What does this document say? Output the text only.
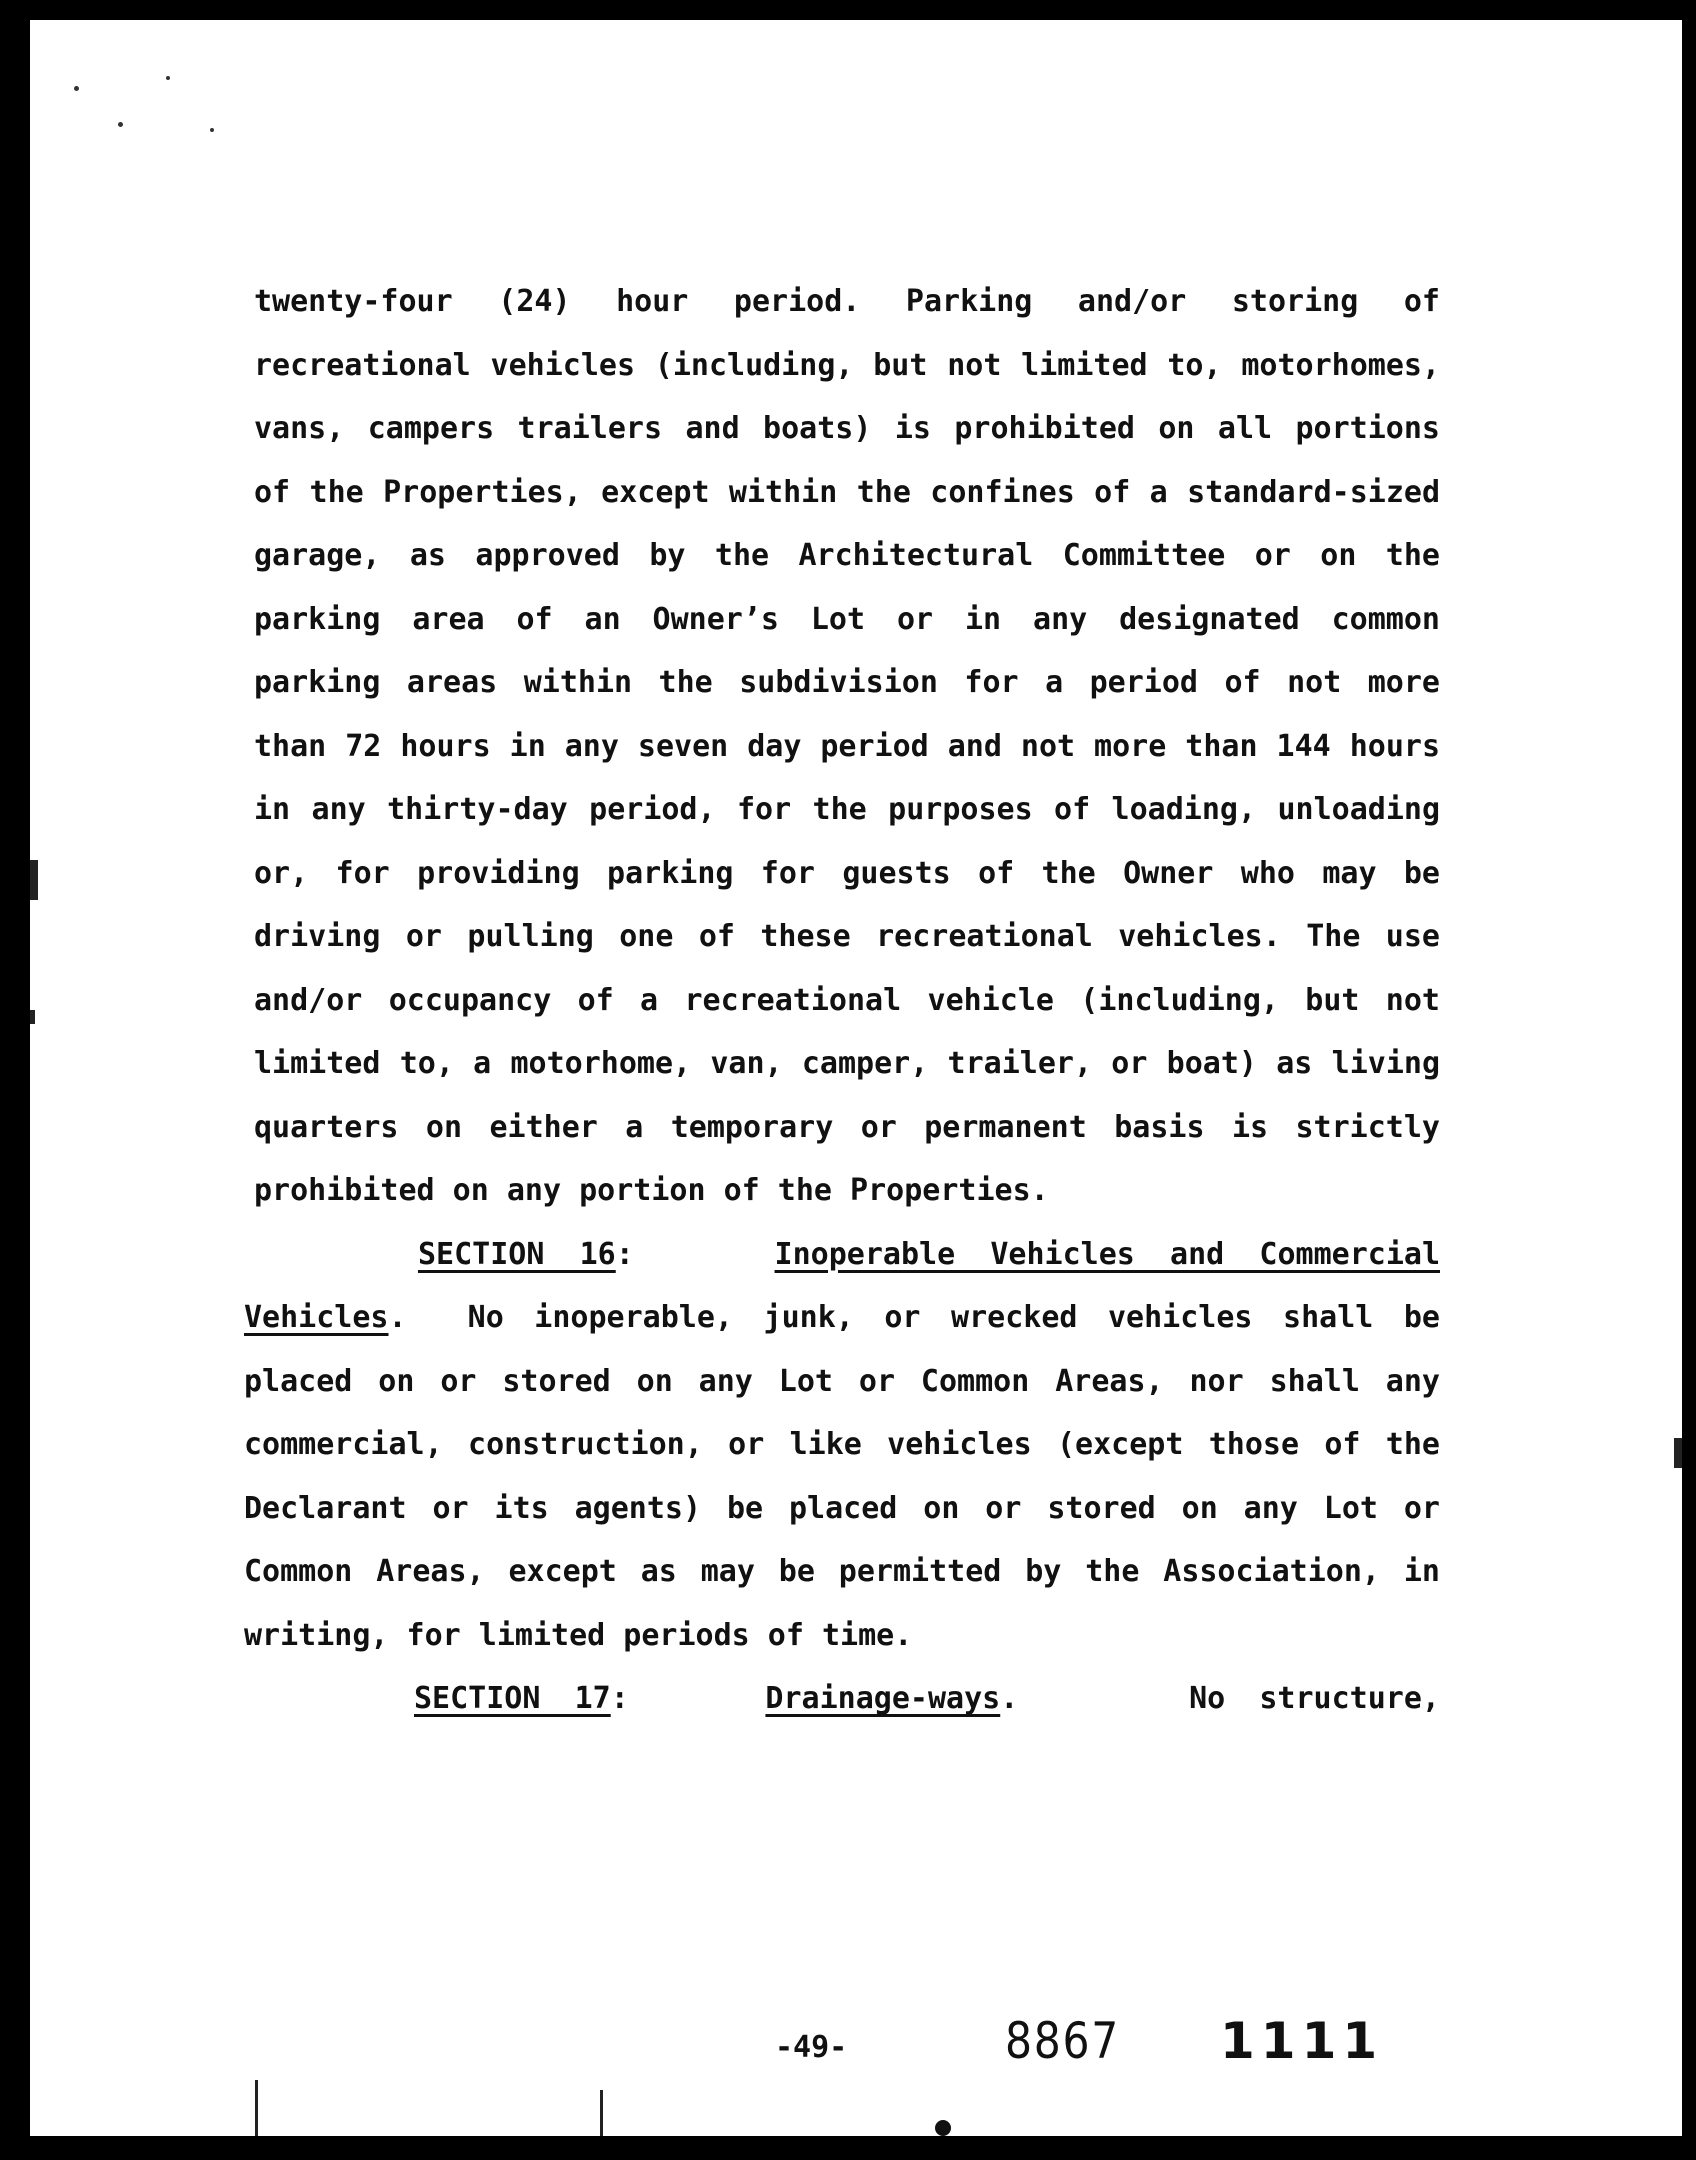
twenty-four (24) hour period. Parking and/or storing of recreational vehicles (including, but not limited to, motorhomes, vans, campers trailers and boats) is prohibited on all portions of the Properties, except within the confines of a standard-sized garage, as approved by the Architectural Committee or on the parking area of an Owner’s Lot or in any designated common parking areas within the subdivision for a period of not more than 72 hours in any seven day period and not more than 144 hours in any thirty-day period, for the purposes of loading, unloading or, for providing parking for guests of the Owner who may be driving or pulling one of these recreational vehicles. The use and/or occupancy of a recreational vehicle (including, but not limited to, a motorhome, van, camper, trailer, or boat) as living quarters on either a temporary or permanent basis is strictly prohibited on any portion of the Properties.

SECTION 16:    Inoperable Vehicles and Commercial Vehicles.  No inoperable, junk, or wrecked vehicles shall be placed on or stored on any Lot or Common Areas, nor shall any commercial, construction, or like vehicles (except those of the Declarant or its agents) be placed on or stored on any Lot or Common Areas, except as may be permitted by the Association, in writing, for limited periods of time.

SECTION 17:    Drainage-ways.     No structure,

-49-	8867 1111
